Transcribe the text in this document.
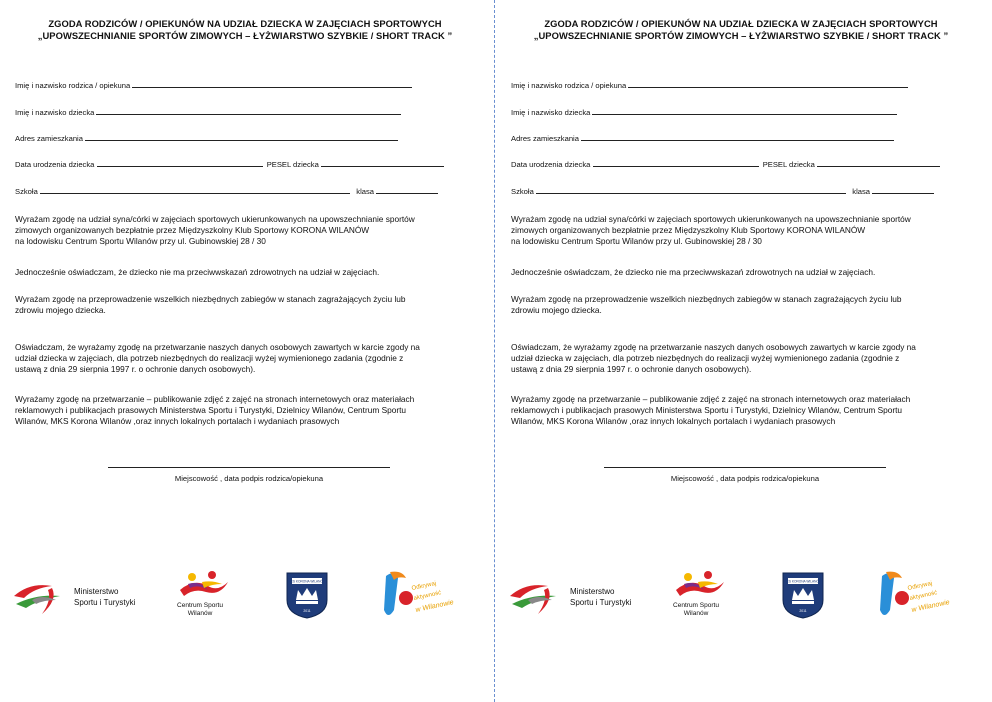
ZGODA RODZICÓW / OPIEKUNÓW NA UDZIAŁ DZIECKA W ZAJĘCIACH SPORTOWYCH
„UPOWSZECHNIANIE SPORTÓW ZIMOWYCH – ŁYŻWIARSTWO SZYBKIE / SHORT TRACK ”
Imię i nazwisko rodzica / opiekuna
Imię i nazwisko dziecka
Adres zamieszkania
Data urodzenia dziecka	PESEL dziecka
Szkoła	klasa
Wyrażam zgodę na udział syna/córki w zajęciach sportowych ukierunkowanych na upowszechnianie sportów
zimowych organizowanych bezpłatnie przez Międzyszkolny Klub Sportowy KORONA WILANÓW
na lodowisku Centrum Sportu Wilanów przy ul. Gubinowskiej 28 / 30
Jednocześnie oświadczam, że dziecko nie ma przeciwwskazań zdrowotnych na udział w zajęciach.
Wyrażam zgodę na przeprowadzenie wszelkich niezbędnych zabiegów w stanach zagrażających życiu lub
zdrowiu mojego dziecka.
Oświadczam, że wyrażamy zgodę na przetwarzanie naszych danych osobowych zawartych w karcie zgody na
udział dziecka w zajęciach, dla potrzeb niezbędnych do realizacji wyżej wymienionego zadania (zgodnie z
ustawą z dnia 29 sierpnia 1997 r. o ochronie danych osobowych).
Wyrażamy zgodę na przetwarzanie – publikowanie zdjęć z zajęć na stronach internetowych oraz materiałach
reklamowych i publikacjach prasowych Ministerstwa Sportu i Turystyki, Dzielnicy Wilanów, Centrum Sportu
Wilanów, MKS Korona Wilanów ,oraz innych lokalnych portalach i wydaniach prasowych
Miejscowość , data podpis rodzica/opiekuna
Ministerstwo
Sportu i Turystyki	Centrum Sportu
Wilanów
MKS KORONA WILANÓW
2011
Odkrywaj
aktywność
w Wilanowie
ZGODA RODZICÓW / OPIEKUNÓW NA UDZIAŁ DZIECKA W ZAJĘCIACH SPORTOWYCH
„UPOWSZECHNIANIE SPORTÓW ZIMOWYCH – ŁYŻWIARSTWO SZYBKIE / SHORT TRACK ”
Imię i nazwisko rodzica / opiekuna
Imię i nazwisko dziecka
Adres zamieszkania
Data urodzenia dziecka	PESEL dziecka
Szkoła	klasa
Wyrażam zgodę na udział syna/córki w zajęciach sportowych ukierunkowanych na upowszechnianie sportów
zimowych organizowanych bezpłatnie przez Międzyszkolny Klub Sportowy KORONA WILANÓW
na lodowisku Centrum Sportu Wilanów przy ul. Gubinowskiej 28 / 30
Jednocześnie oświadczam, że dziecko nie ma przeciwwskazań zdrowotnych na udział w zajęciach.
Wyrażam zgodę na przeprowadzenie wszelkich niezbędnych zabiegów w stanach zagrażających życiu lub
zdrowiu mojego dziecka.
Oświadczam, że wyrażamy zgodę na przetwarzanie naszych danych osobowych zawartych w karcie zgody na
udział dziecka w zajęciach, dla potrzeb niezbędnych do realizacji wyżej wymienionego zadania (zgodnie z
ustawą z dnia 29 sierpnia 1997 r. o ochronie danych osobowych).
Wyrażamy zgodę na przetwarzanie – publikowanie zdjęć z zajęć na stronach internetowych oraz materiałach
reklamowych i publikacjach prasowych Ministerstwa Sportu i Turystyki, Dzielnicy Wilanów, Centrum Sportu
Wilanów, MKS Korona Wilanów ,oraz innych lokalnych portalach i wydaniach prasowych
Miejscowość , data podpis rodzica/opiekuna
Ministerstwo
Sportu i Turystyki	Centrum Sportu
Wilanów
MKS KORONA WILANÓW
2011
Odkrywaj
aktywność
w Wilanowie
